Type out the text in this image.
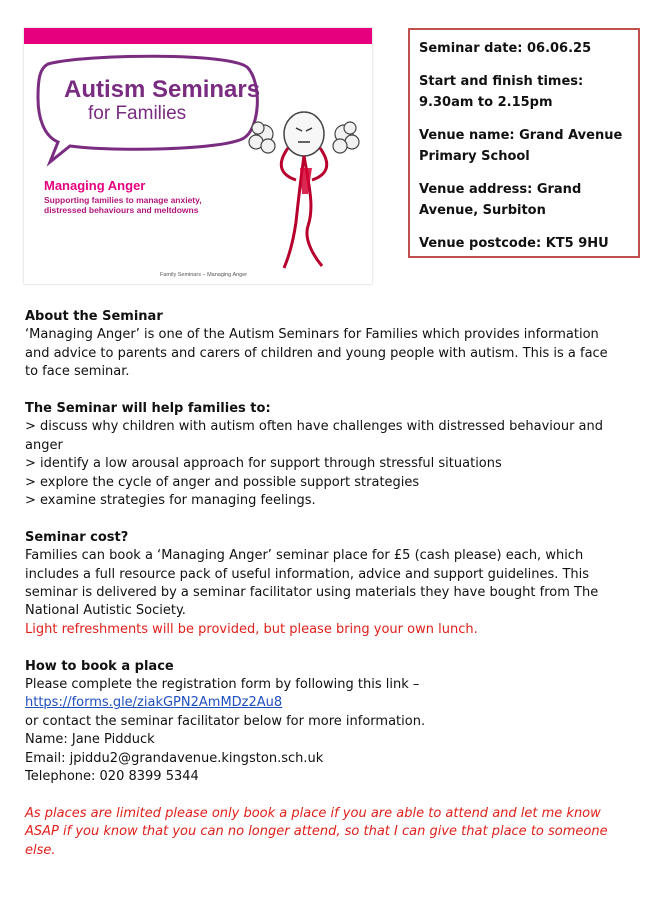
Autism Seminars
for Families
Managing Anger
Supporting families to manage anxiety, distressed behaviours and meltdowns
Family Seminars – Managing Anger
Seminar date: 06.06.25
Start and finish times: 9.30am to 2.15pm
Venue name: Grand Avenue Primary School
Venue address: Grand Avenue, Surbiton
Venue postcode: KT5 9HU

About the Seminar

‘Managing Anger’ is one of the Autism Seminars for Families which provides information and advice to parents and carers of children and young people with autism. This is a face to face seminar.

The Seminar will help families to:

> discuss why children with autism often have challenges with distressed behaviour and anger

> identify a low arousal approach for support through stressful situations

> explore the cycle of anger and possible support strategies

> examine strategies for managing feelings.

Seminar cost?

Families can book a ‘Managing Anger’ seminar place for £5 (cash please) each, which includes a full resource pack of useful information, advice and support guidelines. This seminar is delivered by a seminar facilitator using materials they have bought from The National Autistic Society.

Light refreshments will be provided, but please bring your own lunch.

How to book a place

Please complete the registration form by following this link –

https://forms.gle/ziakGPN2AmMDz2Au8

or contact the seminar facilitator below for more information.

Name: Jane Pidduck

Email: jpiddu2@grandavenue.kingston.sch.uk

Telephone: 020 8399 5344

As places are limited please only book a place if you are able to attend and let me know ASAP if you know that you can no longer attend, so that I can give that place to someone else.
